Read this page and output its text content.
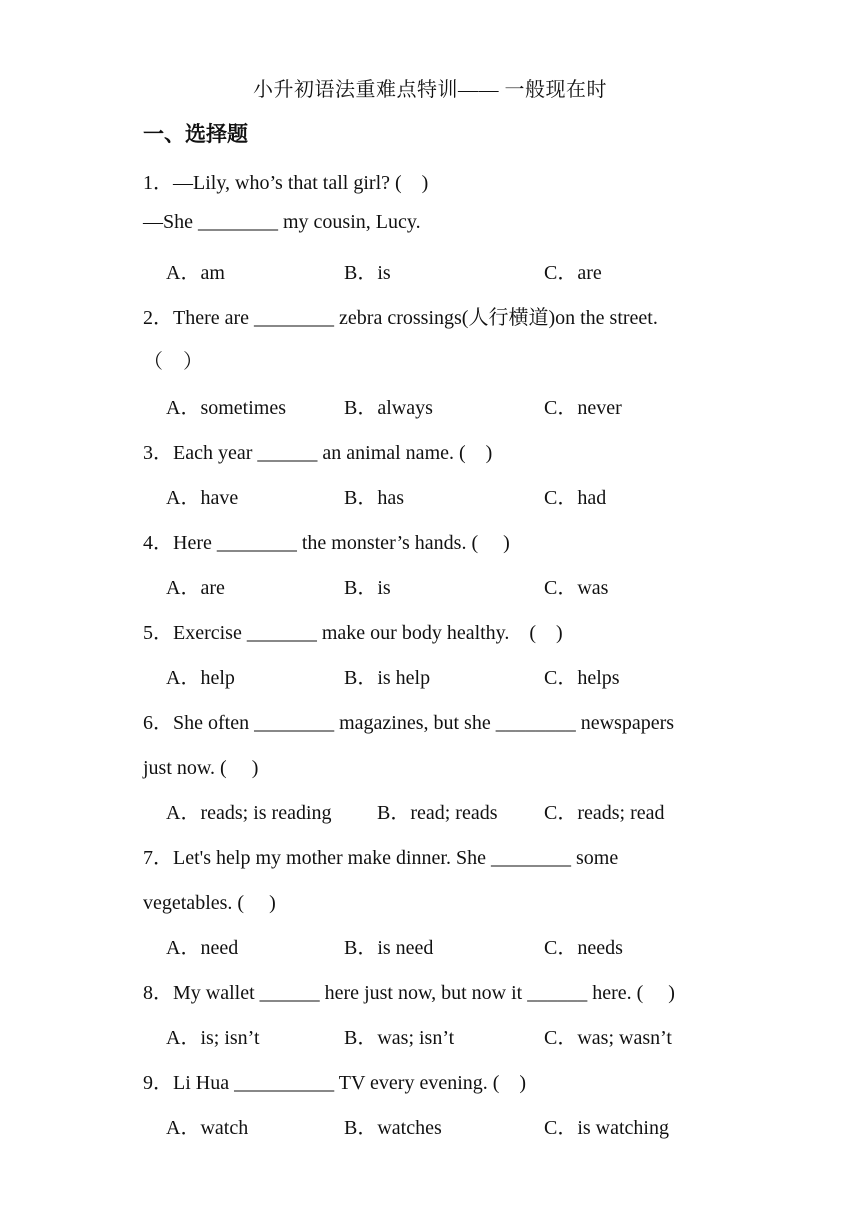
小升初语法重难点特训—— 一般现在时
一、选择题
1．—Lily, who’s that tall girl? (　)
—She ________ my cousin, Lucy.
A．am	B．is	C．are
2．There are ________ zebra crossings(人行横道)on the street.
（　）
A．sometimes	B．always	C．never
3．Each year ______ an animal name. (　)
A．have	B．has	C．had
4．Here ________ the monster’s hands. (　 )
A．are	B．is	C．was
5．Exercise _______ make our body healthy.　(　)
A．help	B．is help	C．helps
6．She often ________ magazines, but she ________ newspapers
just now. (　 )
A．reads; is reading B．read; reads C．reads; read
7．Let's help my mother make dinner. She ________ some
vegetables. (　 )
A．need	B．is need	C．needs
8．My wallet ______ here just now, but now it ______ here. (　 )
A．is; isn’t	B．was; isn’t	C．was; wasn’t
9．Li Hua __________ TV every evening. (　)
A．watch	B．watches	C．is watching
